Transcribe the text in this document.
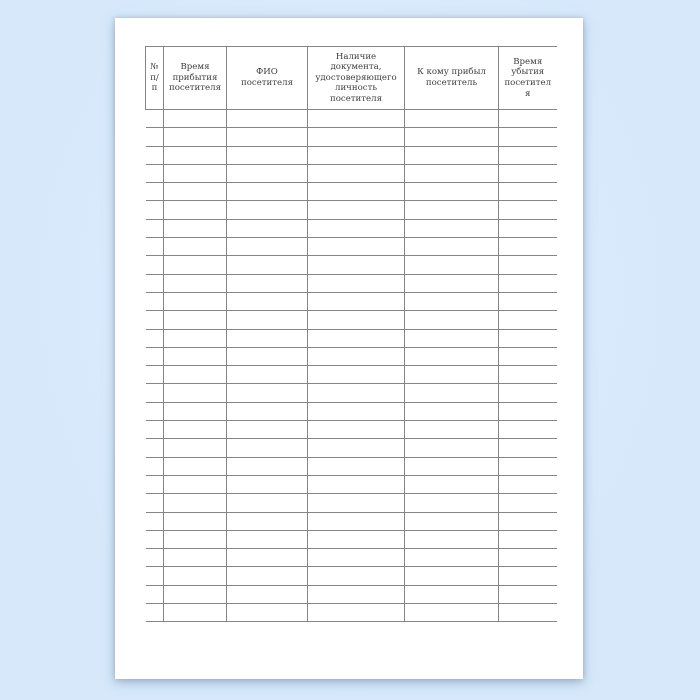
№ п/п	Время прибытия посетителя	ФИО посетителя	Наличие документа, удостоверяющего личность посетителя	К кому прибыл посетитель	Время убытия посетителя
